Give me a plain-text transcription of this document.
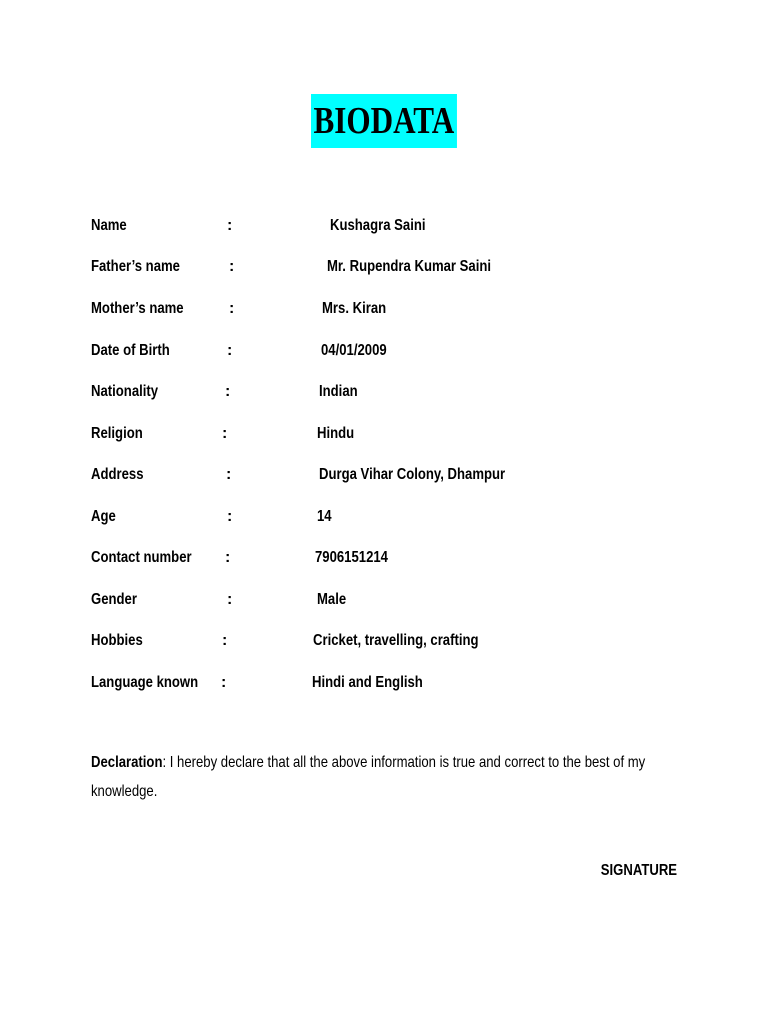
BIODATA
Name	:	Kushagra Saini
Father’s name	:	Mr. Rupendra Kumar Saini
Mother’s name	:	Mrs. Kiran
Date of Birth	:	04/01/2009
Nationality	:	Indian
Religion	:	Hindu
Address	:	Durga Vihar Colony, Dhampur
Age	:	14
Contact number :	7906151214
Gender	:	Male
Hobbies	:	Cricket, travelling, crafting
Language known :	Hindi and English
Declaration: I hereby declare that all the above information is true and correct to the best of my knowledge.
SIGNATURE
